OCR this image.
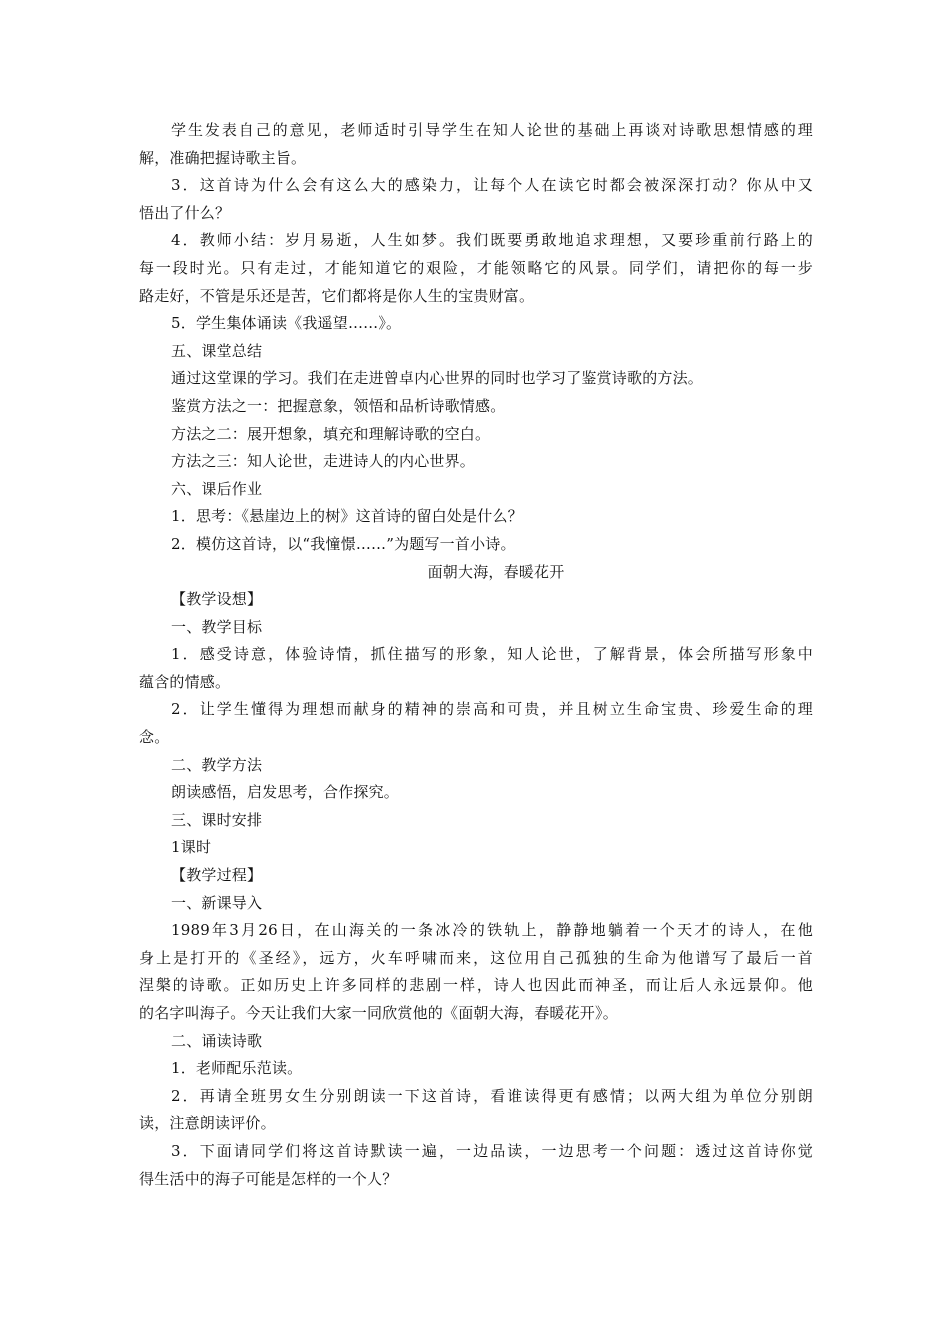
学生发表自己的意见，老师适时引导学生在知人论世的基础上再谈对诗歌思想情感的理
解，准确把握诗歌主旨。
3．这首诗为什么会有这么大的感染力，让每个人在读它时都会被深深打动？你从中又
悟出了什么？
4．教师小结：岁月易逝，人生如梦。我们既要勇敢地追求理想，又要珍重前行路上的
每一段时光。只有走过，才能知道它的艰险，才能领略它的风景。同学们，请把你的每一步
路走好，不管是乐还是苦，它们都将是你人生的宝贵财富。
5．学生集体诵读《我遥望……》。
五、课堂总结
通过这堂课的学习。我们在走进曾卓内心世界的同时也学习了鉴赏诗歌的方法。
鉴赏方法之一：把握意象，领悟和品析诗歌情感。
方法之二：展开想象，填充和理解诗歌的空白。
方法之三：知人论世，走进诗人的内心世界。
六、课后作业
1．思考：《悬崖边上的树》这首诗的留白处是什么？
2．模仿这首诗，以“我憧憬……”为题写一首小诗。
面朝大海，春暖花开
【教学设想】
一、教学目标
1．感受诗意，体验诗情，抓住描写的形象，知人论世，了解背景，体会所描写形象中
蕴含的情感。
2．让学生懂得为理想而献身的精神的崇高和可贵，并且树立生命宝贵、珍爱生命的理
念。
二、教学方法
朗读感悟，启发思考，合作探究。
三、课时安排
1课时
【教学过程】
一、新课导入
1989年3月26日，在山海关的一条冰冷的铁轨上，静静地躺着一个天才的诗人，在他
身上是打开的《圣经》，远方，火车呼啸而来，这位用自己孤独的生命为他谱写了最后一首
涅槃的诗歌。正如历史上许多同样的悲剧一样，诗人也因此而神圣，而让后人永远景仰。他
的名字叫海子。今天让我们大家一同欣赏他的《面朝大海，春暖花开》。
二、诵读诗歌
1．老师配乐范读。
2．再请全班男女生分别朗读一下这首诗，看谁读得更有感情；以两大组为单位分别朗
读，注意朗读评价。
3．下面请同学们将这首诗默读一遍，一边品读，一边思考一个问题：透过这首诗你觉
得生活中的海子可能是怎样的一个人？
